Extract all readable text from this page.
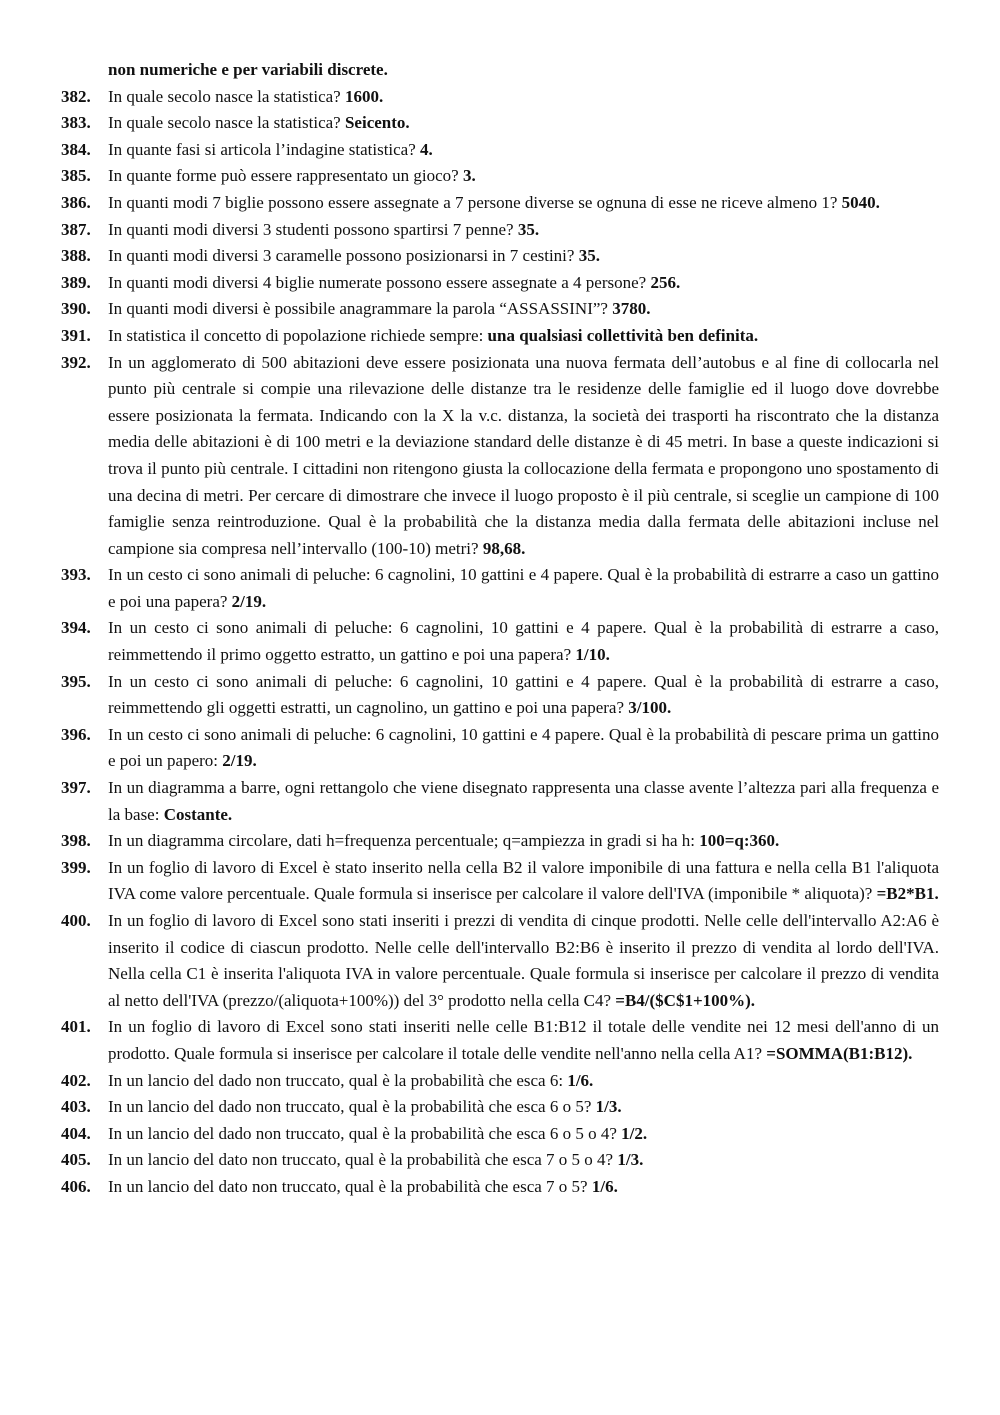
non numeriche e per variabili discrete.
382.	In quale secolo nasce la statistica? 1600.
383.	In quale secolo nasce la statistica? Seicento.
384.	In quante fasi si articola l’indagine statistica? 4.
385.	In quante forme può essere rappresentato un gioco? 3.
386.	In quanti modi 7 biglie possono essere assegnate a 7 persone diverse se ognuna di esse ne riceve almeno 1? 5040.
387.	In quanti modi diversi 3 studenti possono spartirsi 7 penne? 35.
388.	In quanti modi diversi 3 caramelle possono posizionarsi in 7 cestini? 35.
389.	In quanti modi diversi 4 biglie numerate possono essere assegnate a 4 persone? 256.
390.	In quanti modi diversi è possibile anagrammare la parola “ASSASSINI”? 3780.
391.	In statistica il concetto di popolazione richiede sempre: una qualsiasi collettività ben definita.
392.	In un agglomerato di 500 abitazioni deve essere posizionata una nuova fermata dell’autobus e al fine di collocarla nel punto più centrale si compie una rilevazione delle distanze tra le residenze delle famiglie ed il luogo dove dovrebbe essere posizionata la fermata. Indicando con la X la v.c. distanza, la società dei trasporti ha riscontrato che la distanza media delle abitazioni è di 100 metri e la deviazione standard delle distanze è di 45 metri. In base a queste indicazioni si trova il punto più centrale. I cittadini non ritengono giusta la collocazione della fermata e propongono uno spostamento di una decina di metri. Per cercare di dimostrare che invece il luogo proposto è il più centrale, si sceglie un campione di 100 famiglie senza reintroduzione. Qual è la probabilità che la distanza media dalla fermata delle abitazioni incluse nel campione sia compresa nell’intervallo (100-10) metri? 98,68.
393.	In un cesto ci sono animali di peluche: 6 cagnolini, 10 gattini e 4 papere. Qual è la probabilità di estrarre a caso un gattino e poi una papera? 2/19.
394.	In un cesto ci sono animali di peluche: 6 cagnolini, 10 gattini e 4 papere. Qual è la probabilità di estrarre a caso, reimmettendo il primo oggetto estratto, un gattino e poi una papera? 1/10.
395.	In un cesto ci sono animali di peluche: 6 cagnolini, 10 gattini e 4 papere. Qual è la probabilità di estrarre a caso, reimmettendo gli oggetti estratti, un cagnolino, un gattino e poi una papera? 3/100.
396.	In un cesto ci sono animali di peluche: 6 cagnolini, 10 gattini e 4 papere. Qual è la probabilità di pescare prima un gattino e poi un papero: 2/19.
397.	In un diagramma a barre, ogni rettangolo che viene disegnato rappresenta una classe avente l’altezza pari alla frequenza e la base: Costante.
398.	In un diagramma circolare, dati h=frequenza percentuale; q=ampiezza in gradi si ha h: 100=q:360.
399.	In un foglio di lavoro di Excel è stato inserito nella cella B2 il valore imponibile di una fattura e nella cella B1 l'aliquota IVA come valore percentuale. Quale formula si inserisce per calcolare il valore dell'IVA (imponibile * aliquota)? =B2*B1.
400.	In un foglio di lavoro di Excel sono stati inseriti i prezzi di vendita di cinque prodotti. Nelle celle dell'intervallo A2:A6 è inserito il codice di ciascun prodotto. Nelle celle dell'intervallo B2:B6 è inserito il prezzo di vendita al lordo dell'IVA. Nella cella C1 è inserita l'aliquota IVA in valore percentuale. Quale formula si inserisce per calcolare il prezzo di vendita al netto dell'IVA (prezzo/(aliquota+100%)) del 3° prodotto nella cella C4? =B4/($C$1+100%).
401.	In un foglio di lavoro di Excel sono stati inseriti nelle celle B1:B12 il totale delle vendite nei 12 mesi dell'anno di un prodotto. Quale formula si inserisce per calcolare il totale delle vendite nell'anno nella cella A1? =SOMMA(B1:B12).
402.	In un lancio del dado non truccato, qual è la probabilità che esca 6: 1/6.
403.	In un lancio del dado non truccato, qual è la probabilità che esca 6 o 5? 1/3.
404.	In un lancio del dado non truccato, qual è la probabilità che esca 6 o 5 o 4? 1/2.
405.	In un lancio del dato non truccato, qual è la probabilità che esca 7 o 5 o 4? 1/3.
406.	In un lancio del dato non truccato, qual è la probabilità che esca 7 o 5? 1/6.
